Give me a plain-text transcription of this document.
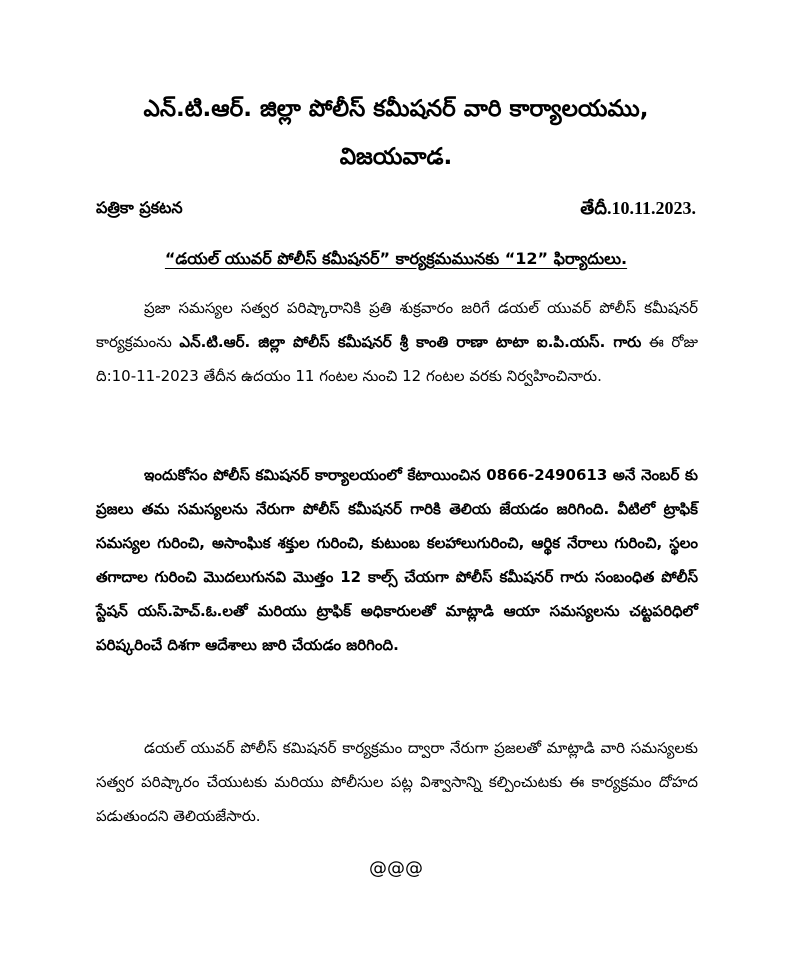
ఎన్.టి.ఆర్. జిల్లా పోలీస్ కమీషనర్ వారి కార్యాలయము,
విజయవాడ.
పత్రికా ప్రకటన	తేదీ.10.11.2023.
“డయల్ యువర్ పోలీస్ కమీషనర్” కార్యక్రమమునకు “12” ఫిర్యాదులు.
ప్రజా సమస్యల సత్వర పరిష్కారానికి ప్రతి శుక్రవారం జరిగే డయల్ యువర్ పోలీస్ కమీషనర్ కార్యక్రమంను ఎన్.టి.ఆర్. జిల్లా పోలీస్ కమీషనర్ శ్రీ కాంతి రాణా టాటా ఐ.పి.యస్. గారు ఈ రోజు ది:10-11-2023 తేదీన ఉదయం 11 గంటల నుంచి 12 గంటల వరకు నిర్వహించినారు.
ఇందుకోసం పోలీస్ కమిషనర్ కార్యాలయంలో కేటాయించిన 0866-2490613 అనే నెంబర్ కు ప్రజలు తమ సమస్యలను నేరుగా పోలీస్ కమీషనర్ గారికి తెలియ జేయడం జరిగింది. వీటిలో ట్రాఫిక్ సమస్యల గురించి, అసాంఘిక శక్తుల గురించి, కుటుంబ కలహాలుగురించి, ఆర్థిక నేరాలు గురించి, స్థలం తగాదాల గురించి మొదలుగునవి మొత్తం 12 కాల్స్ చేయగా పోలీస్ కమీషనర్ గారు సంబంధిత పోలీస్ స్టేషన్ యస్.హెచ్.ఓ.లతో మరియు ట్రాఫిక్ అధికారులతో మాట్లాడి ఆయా సమస్యలను చట్టపరిధిలో పరిష్కరించే దిశగా ఆదేశాలు జారి చేయడం జరిగింది.
డయల్ యువర్ పోలీస్ కమిషనర్ కార్యక్రమం ద్వారా నేరుగా ప్రజలతో మాట్లాడి వారి సమస్యలకు సత్వర పరిష్కారం చేయుటకు మరియు పోలీసుల పట్ల విశ్వాసాన్ని కల్పించుటకు ఈ కార్యక్రమం దోహద పడుతుందని తెలియజేసారు.
@@@
